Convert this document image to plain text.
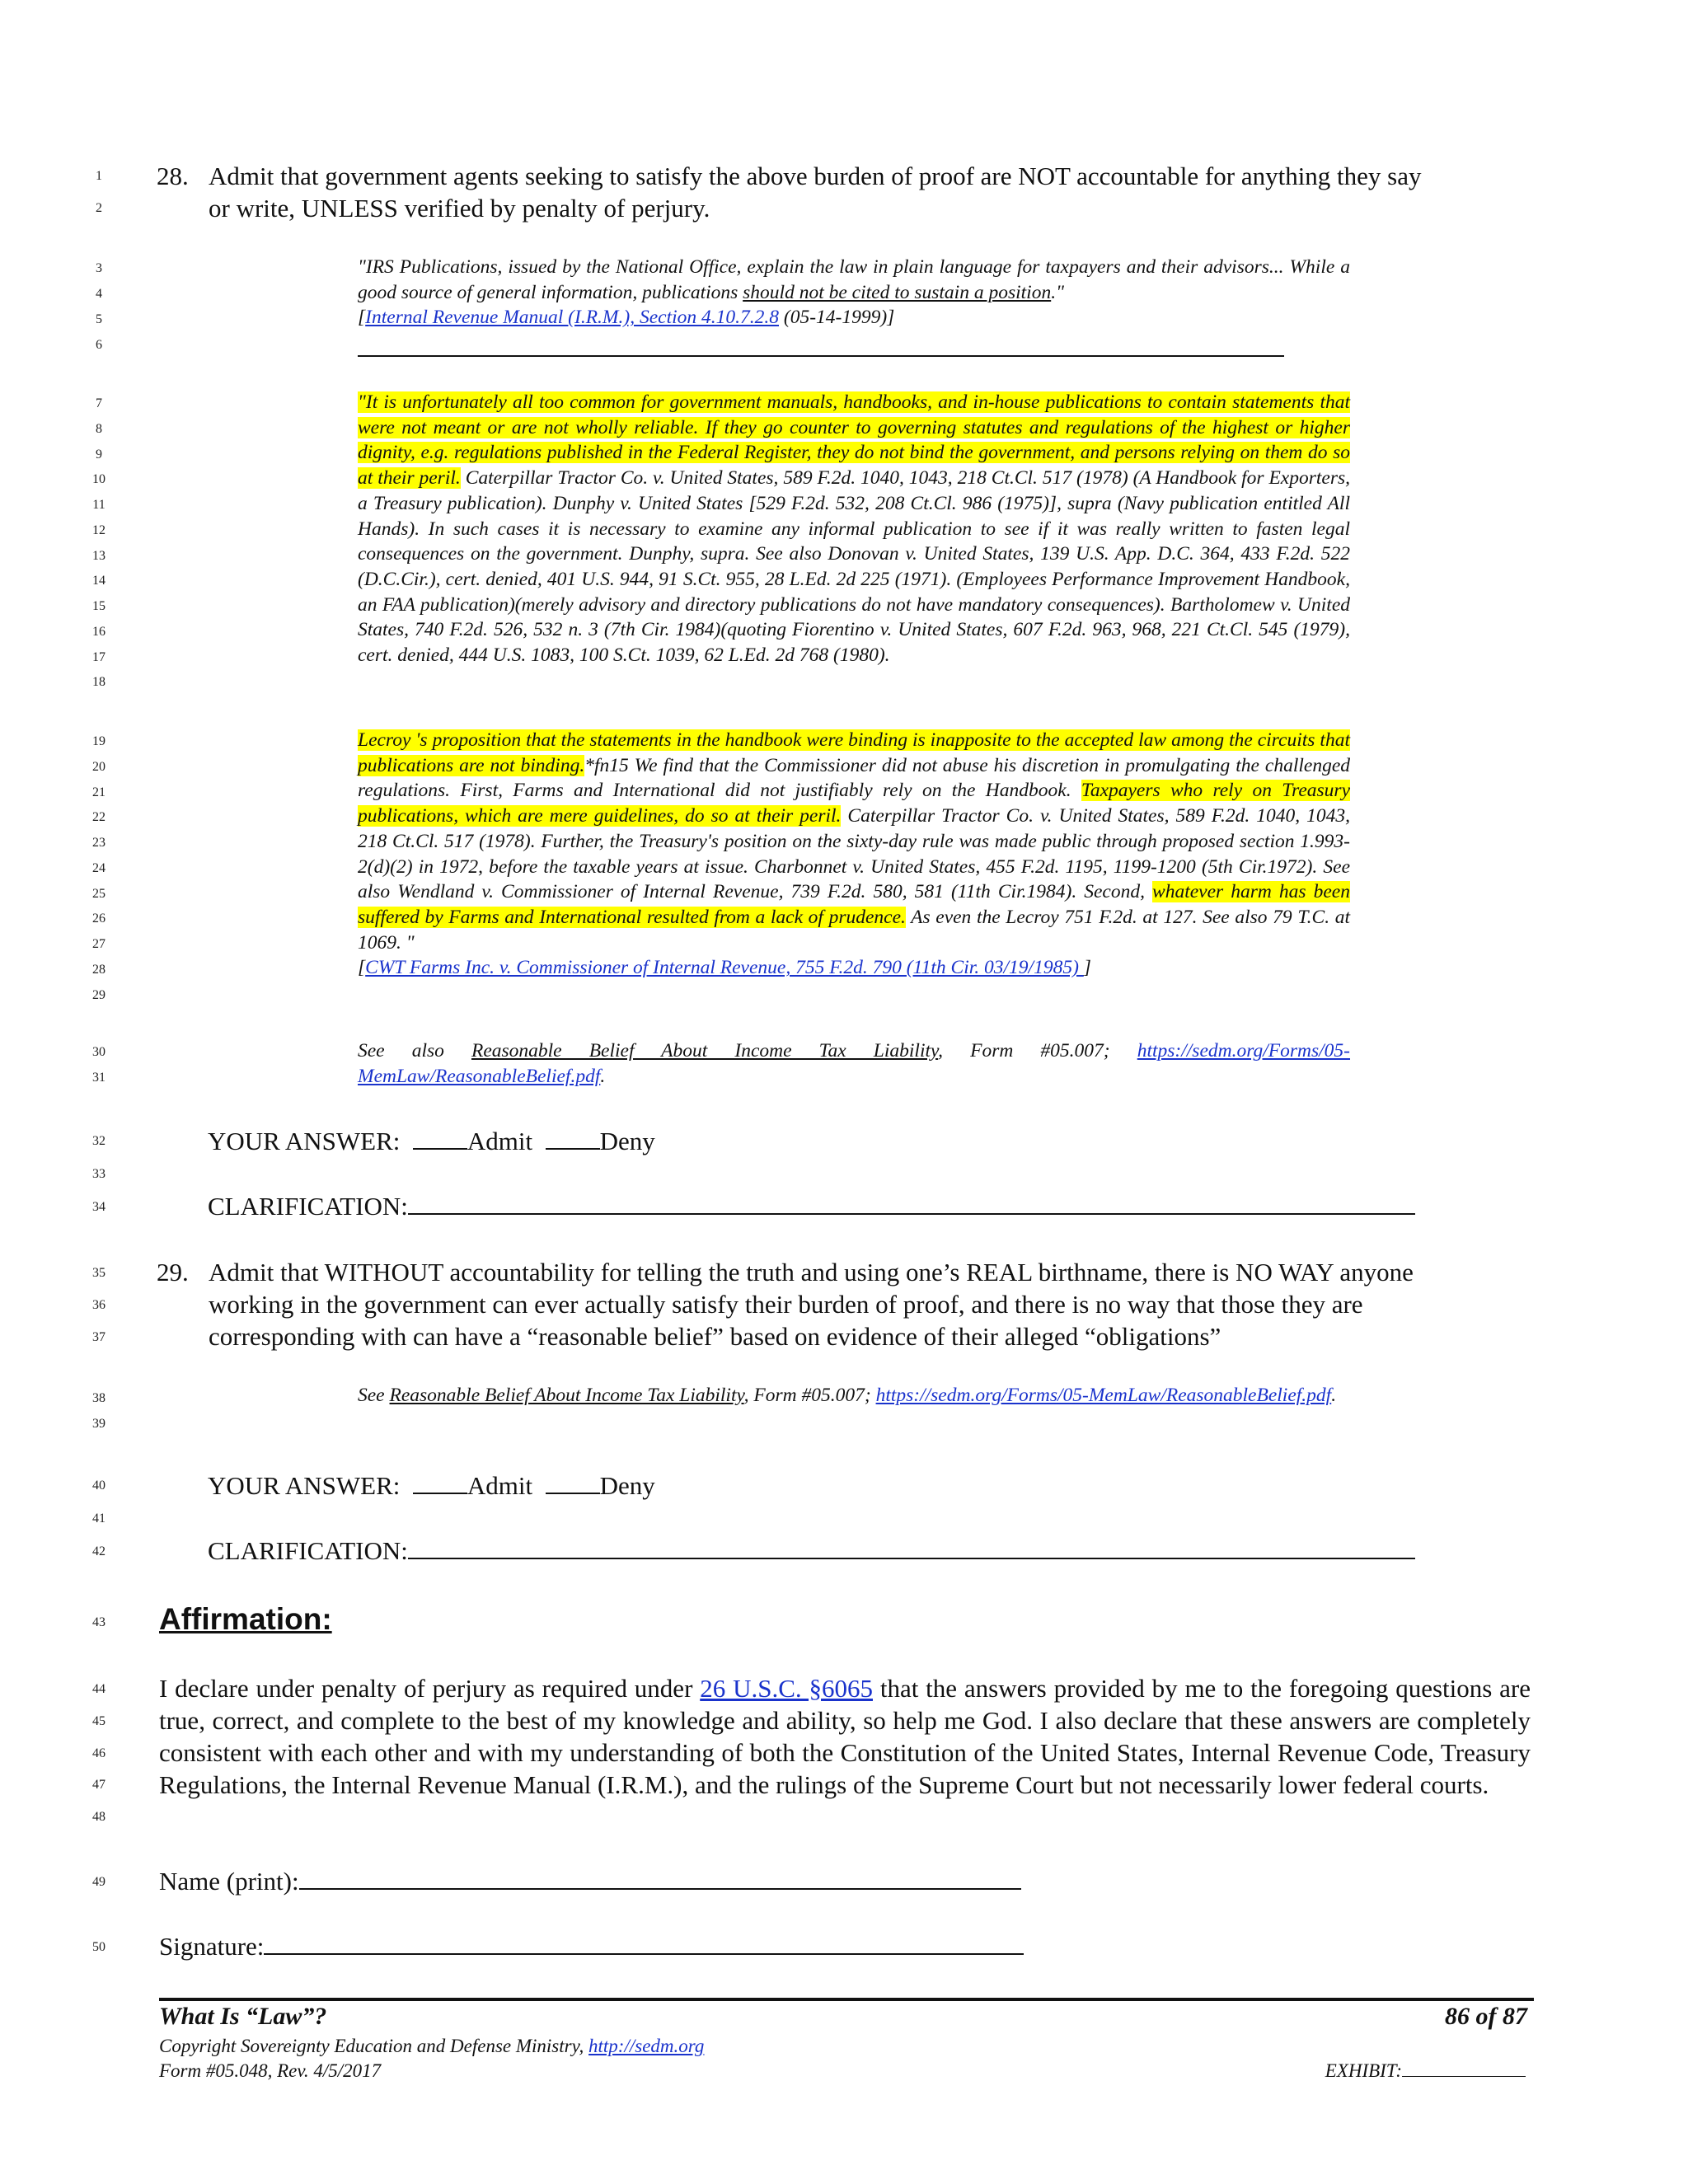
1
2
3
4
5
6
7
8
9
10
11
12
13
14
15
16
17
18
19
20
21
22
23
24
25
26
27
28
29
30
31
32
33
34
35
36
37
38
39
40
41
42
43
44
45
46
47
48
49
50
28. Admit that government agents seeking to satisfy the above burden of proof are NOT accountable for anything they say
or write, UNLESS verified by penalty of perjury.
"IRS Publications, issued by the National Office, explain the law in plain language for taxpayers and their advisors... While a good source of general information, publications should not be cited to sustain a position."
[Internal Revenue Manual (I.R.M.), Section 4.10.7.2.8 (05-14-1999)]
"It is unfortunately all too common for government manuals, handbooks, and in-house publications to contain statements that were not meant or are not wholly reliable. If they go counter to governing statutes and regulations of the highest or higher dignity, e.g. regulations published in the Federal Register, they do not bind the government, and persons relying on them do so at their peril. Caterpillar Tractor Co. v. United States, 589 F.2d. 1040, 1043, 218 Ct.Cl. 517 (1978) (A Handbook for Exporters, a Treasury publication). Dunphy v. United States [529 F.2d. 532, 208 Ct.Cl. 986 (1975)], supra (Navy publication entitled All Hands). In such cases it is necessary to examine any informal publication to see if it was really written to fasten legal consequences on the government. Dunphy, supra. See also Donovan v. United States, 139 U.S. App. D.C. 364, 433 F.2d. 522 (D.C.Cir.), cert. denied, 401 U.S. 944, 91 S.Ct. 955, 28 L.Ed. 2d 225 (1971). (Employees Performance Improvement Handbook, an FAA publication)(merely advisory and directory publications do not have mandatory consequences). Bartholomew v. United States, 740 F.2d. 526, 532 n. 3 (7th Cir. 1984)(quoting Fiorentino v. United States, 607 F.2d. 963, 968, 221 Ct.Cl. 545 (1979), cert. denied, 444 U.S. 1083, 100 S.Ct. 1039, 62 L.Ed. 2d 768 (1980).
Lecroy 's proposition that the statements in the handbook were binding is inapposite to the accepted law among the circuits that publications are not binding.*fn15 We find that the Commissioner did not abuse his discretion in promulgating the challenged regulations. First, Farms and International did not justifiably rely on the Handbook. Taxpayers who rely on Treasury publications, which are mere guidelines, do so at their peril. Caterpillar Tractor Co. v. United States, 589 F.2d. 1040, 1043, 218 Ct.Cl. 517 (1978). Further, the Treasury's position on the sixty-day rule was made public through proposed section 1.993-2(d)(2) in 1972, before the taxable years at issue. Charbonnet v. United States, 455 F.2d. 1195, 1199-1200 (5th Cir.1972). See also Wendland v. Commissioner of Internal Revenue, 739 F.2d. 580, 581 (11th Cir.1984). Second, whatever harm has been suffered by Farms and International resulted from a lack of prudence. As even the Lecroy 751 F.2d. at 127. See also 79 T.C. at 1069. "
[CWT Farms Inc. v. Commissioner of Internal Revenue, 755 F.2d. 790 (11th Cir. 03/19/1985) ]
See also Reasonable Belief About Income Tax Liability, Form #05.007; https://sedm.org/Forms/05-MemLaw/ReasonableBelief.pdf.
YOUR ANSWER:	Admit	Deny
CLARIFICATION:
29. Admit that WITHOUT accountability for telling the truth and using one’s REAL birthname, there is NO WAY anyone
working in the government can ever actually satisfy their burden of proof, and there is no way that those they are
corresponding with can have a “reasonable belief” based on evidence of their alleged “obligations”
See Reasonable Belief About Income Tax Liability, Form #05.007; https://sedm.org/Forms/05-MemLaw/ReasonableBelief.pdf.
YOUR ANSWER:	Admit	Deny
CLARIFICATION:
Affirmation:
I declare under penalty of perjury as required under 26 U.S.C. §6065 that the answers provided by me to the foregoing questions are true, correct, and complete to the best of my knowledge and ability, so help me God. I also declare that these answers are completely consistent with each other and with my understanding of both the Constitution of the United States, Internal Revenue Code, Treasury Regulations, the Internal Revenue Manual (I.R.M.), and the rulings of the Supreme Court but not necessarily lower federal courts.
Name (print):
Signature:
What Is “Law”?	86 of 87
Copyright Sovereignty Education and Defense Ministry, http://sedm.org
Form #05.048, Rev. 4/5/2017	EXHIBIT:
